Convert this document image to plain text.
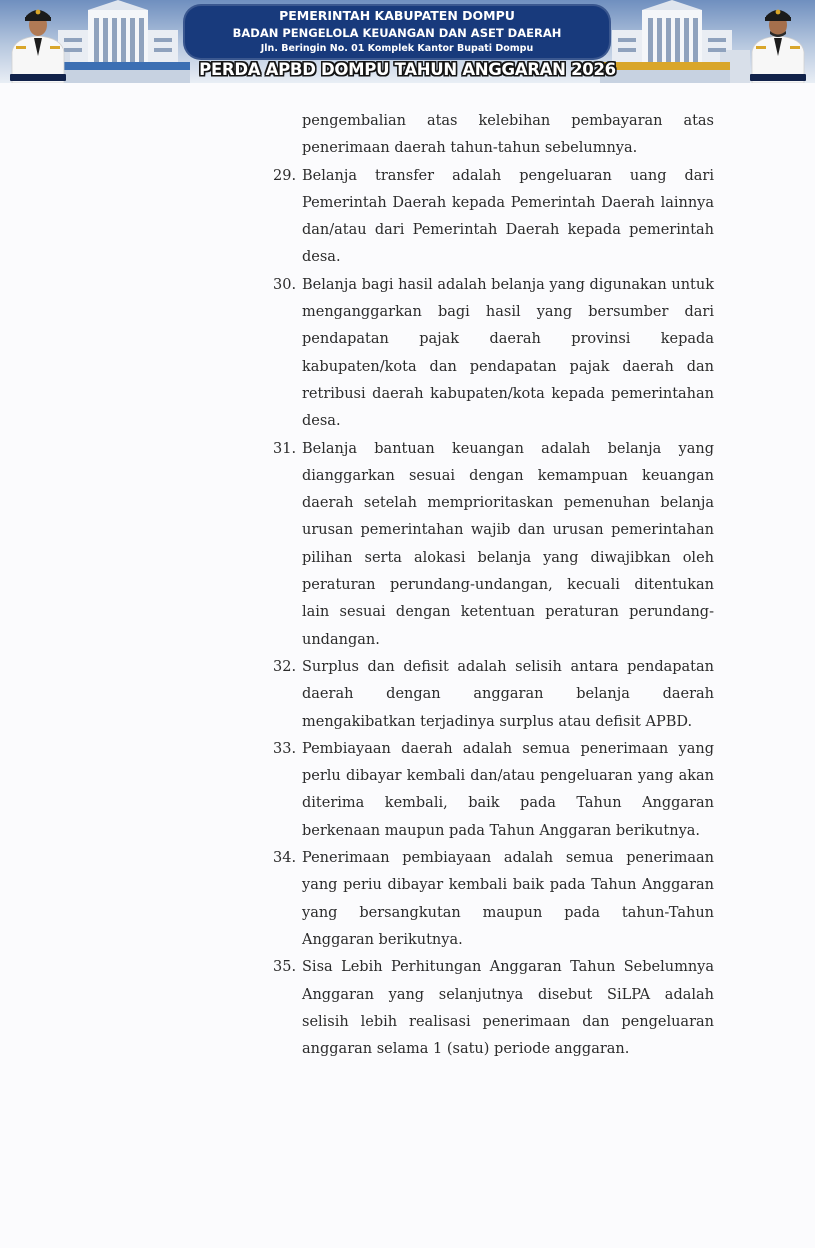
PEMERINTAH KABUPATEN DOMPU
BADAN PENGELOLA KEUANGAN DAN ASET DAERAH
Jln. Beringin No. 01 Komplek Kantor Bupati Dompu
PERDA APBD DOMPU TAHUN ANGGARAN 2026

pengembalian atas kelebihan pembayaran atas penerimaan daerah tahun-tahun sebelumnya.

29. Belanja transfer adalah pengeluaran uang dari Pemerintah Daerah kepada Pemerintah Daerah lainnya dan/atau dari Pemerintah Daerah kepada pemerintah desa.

30. Belanja bagi hasil adalah belanja yang digunakan untuk menganggarkan bagi hasil yang bersumber dari pendapatan pajak daerah provinsi kepada kabupaten/kota dan pendapatan pajak daerah dan retribusi daerah kabupaten/kota kepada pemerintahan desa.

31. Belanja bantuan keuangan adalah belanja yang dianggarkan sesuai dengan kemampuan keuangan daerah setelah memprioritaskan pemenuhan belanja urusan pemerintahan wajib dan urusan pemerintahan pilihan serta alokasi belanja yang diwajibkan oleh peraturan perundang-undangan, kecuali ditentukan lain sesuai dengan ketentuan peraturan perundang-undangan.

32. Surplus dan defisit adalah selisih antara pendapatan daerah dengan anggaran belanja daerah mengakibatkan terjadinya surplus atau defisit APBD.

33. Pembiayaan daerah adalah semua penerimaan yang perlu dibayar kembali dan/atau pengeluaran yang akan diterima kembali, baik pada Tahun Anggaran berkenaan maupun pada Tahun Anggaran berikutnya.

34. Penerimaan pembiayaan adalah semua penerimaan yang periu dibayar kembali baik pada Tahun Anggaran yang bersangkutan maupun pada tahun-Tahun Anggaran berikutnya.

35. Sisa Lebih Perhitungan Anggaran Tahun Sebelumnya Anggaran yang selanjutnya disebut SiLPA adalah selisih lebih realisasi penerimaan dan pengeluaran anggaran selama 1 (satu) periode anggaran.
